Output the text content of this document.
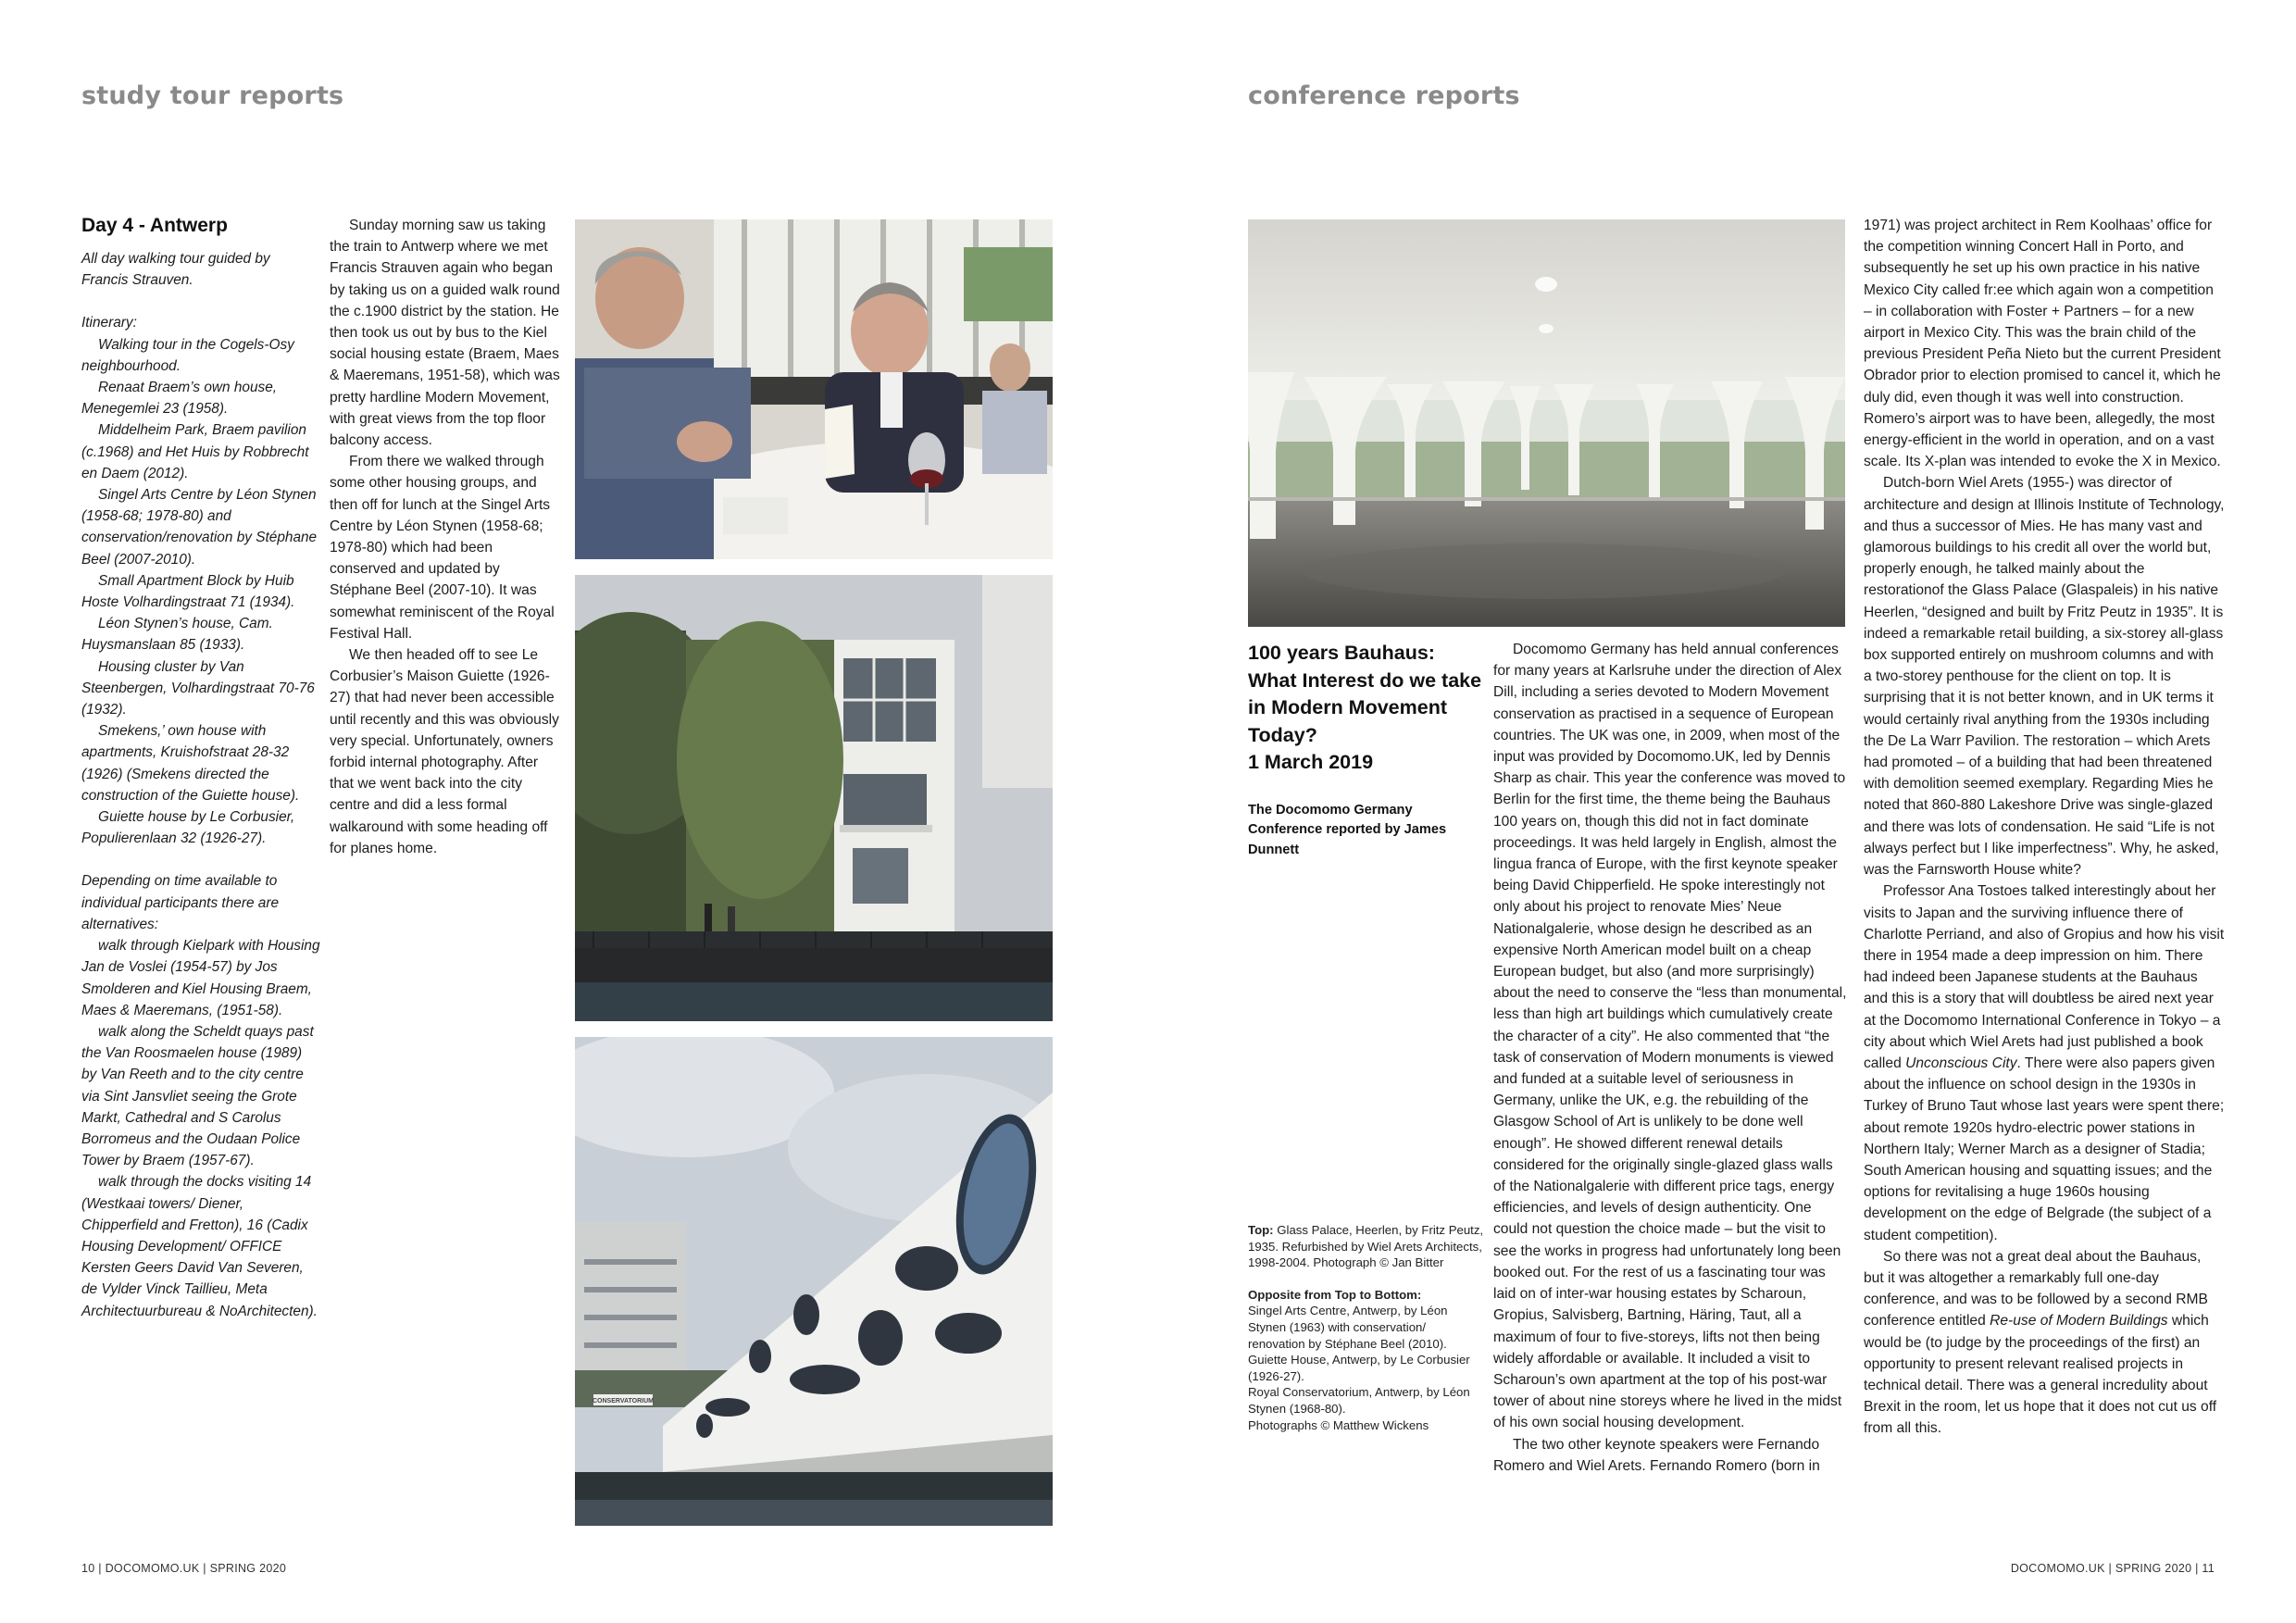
study tour reports
Day 4 - Antwerp

All day walking tour guided by Francis Strauven.

Itinerary:

Walking tour in the Cogels-Osy neighbourhood.

Renaat Braem’s own house, Menegemlei 23 (1958).

Middelheim Park, Braem pavilion (c.1968) and Het Huis by Robbrecht en Daem (2012).

Singel Arts Centre by Léon Stynen (1958-68; 1978-80) and conservation/renovation by Stéphane Beel (2007-2010).

Small Apartment Block by Huib Hoste Volhardingstraat 71 (1934).

Léon Stynen’s house, Cam. Huysmanslaan 85 (1933).

Housing cluster by Van Steenbergen, Volhardingstraat 70-76 (1932).

Smekens,’ own house with apartments, Kruishofstraat 28-32 (1926) (Smekens directed the construction of the Guiette house).

Guiette house by Le Corbusier, Populierenlaan 32 (1926-27).

Depending on time available to individual participants there are alternatives:

walk through Kielpark with Housing Jan de Voslei (1954-57) by Jos Smolderen and Kiel Housing Braem, Maes & Maeremans, (1951-58).

walk along the Scheldt quays past the Van Roosmaelen house (1989) by Van Reeth and to the city centre via Sint Jansvliet seeing the Grote Markt, Cathedral and S Carolus Borromeus and the Oudaan Police Tower by Braem (1957-67).

walk through the docks visiting 14 (Westkaai towers/ Diener, Chipperfield and Fretton), 16 (Cadix Housing Development/ OFFICE Kersten Geers David Van Severen, de Vylder Vinck Taillieu, Meta Architectuurbureau & NoArchitecten).

Sunday morning saw us taking the train to Antwerp where we met Francis Strauven again who began by taking us on a guided walk round the c.1900 district by the station. He then took us out by bus to the Kiel social housing estate (Braem, Maes & Maeremans, 1951-58), which was pretty hardline Modern Movement, with great views from the top floor balcony access.

From there we walked through some other housing groups, and then off for lunch at the Singel Arts Centre by Léon Stynen (1958-68; 1978-80) which had been conserved and updated by Stéphane Beel (2007-10). It was somewhat reminiscent of the Royal Festival Hall.

We then headed off to see Le Corbusier’s Maison Guiette (1926-27) that had never been accessible until recently and this was obviously very special. Unfortunately, owners forbid internal photography. After that we went back into the city centre and did a less formal walkaround with some heading off for planes home.

CONSERVATORIUM
10 | DOCOMOMO.UK | SPRING 2020
conference reports
100 years Bauhaus: What Interest do we take in Modern Movement Today?
1 March 2019
The Docomomo Germany Conference reported by James Dunnett

Top: Glass Palace, Heerlen, by Fritz Peutz, 1935. Refurbished by Wiel Arets Architects, 1998-2004. Photograph © Jan Bitter

Opposite from Top to Bottom:

Singel Arts Centre, Antwerp, by Léon Stynen (1963) with conservation/ renovation by Stéphane Beel (2010).

Guiette House, Antwerp, by Le Corbusier (1926-27).

Royal Conservatorium, Antwerp, by Léon Stynen (1968-80).

Photographs © Matthew Wickens

Docomomo Germany has held annual conferences for many years at Karlsruhe under the direction of Alex Dill, including a series devoted to Modern Movement conservation as practised in a sequence of European countries. The UK was one, in 2009, when most of the input was provided by Docomomo.UK, led by Dennis Sharp as chair. This year the conference was moved to Berlin for the first time, the theme being the Bauhaus 100 years on, though this did not in fact dominate proceedings. It was held largely in English, almost the lingua franca of Europe, with the first keynote speaker being David Chipperfield. He spoke interestingly not only about his project to renovate Mies’ Neue Nationalgalerie, whose design he described as an expensive North American model built on a cheap European budget, but also (and more surprisingly) about the need to conserve the “less than monumental, less than high art buildings which cumulatively create the character of a city”. He also commented that “the task of conservation of Modern monuments is viewed and funded at a suitable level of seriousness in Germany, unlike the UK, e.g. the rebuilding of the Glasgow School of Art is unlikely to be done well enough”. He showed different renewal details considered for the originally single-glazed glass walls of the Nationalgalerie with different price tags, energy efficiencies, and levels of design authenticity. One could not question the choice made – but the visit to see the works in progress had unfortunately long been booked out. For the rest of us a fascinating tour was laid on of inter-war housing estates by Scharoun, Gropius, Salvisberg, Bartning, Häring, Taut, all a maximum of four to five-storeys, lifts not then being widely affordable or available. It included a visit to Scharoun’s own apartment at the top of his post-war tower of about nine storeys where he lived in the midst of his own social housing development.

The two other keynote speakers were Fernando Romero and Wiel Arets. Fernando Romero (born in

1971) was project architect in Rem Koolhaas’ office for the competition winning Concert Hall in Porto, and subsequently he set up his own practice in his native Mexico City called fr:ee which again won a competition – in collaboration with Foster + Partners – for a new airport in Mexico City. This was the brain child of the previous President Peña Nieto but the current President Obrador prior to election promised to cancel it, which he duly did, even though it was well into construction. Romero’s airport was to have been, allegedly, the most energy-efficient in the world in operation, and on a vast scale. Its X-plan was intended to evoke the X in Mexico.

Dutch-born Wiel Arets (1955-) was director of architecture and design at Illinois Institute of Technology, and thus a successor of Mies. He has many vast and glamorous buildings to his credit all over the world but, properly enough, he talked mainly about the restorationof the Glass Palace (Glaspaleis) in his native Heerlen, “designed and built by Fritz Peutz in 1935”. It is indeed a remarkable retail building, a six-storey all-glass box supported entirely on mushroom columns and with a two-storey penthouse for the client on top. It is surprising that it is not better known, and in UK terms it would certainly rival anything from the 1930s including the De La Warr Pavilion. The restoration – which Arets had promoted – of a building that had been threatened with demolition seemed exemplary. Regarding Mies he noted that 860-880 Lakeshore Drive was single-glazed and there was lots of condensation. He said “Life is not always perfect but I like imperfectness”. Why, he asked, was the Farnsworth House white?

Professor Ana Tostoes talked interestingly about her visits to Japan and the surviving influence there of Charlotte Perriand, and also of Gropius and how his visit there in 1954 made a deep impression on him. There had indeed been Japanese students at the Bauhaus and this is a story that will doubtless be aired next year at the Docomomo International Conference in Tokyo – a city about which Wiel Arets had just published a book called Unconscious City. There were also papers given about the influence on school design in the 1930s in Turkey of Bruno Taut whose last years were spent there; about remote 1920s hydro-electric power stations in Northern Italy; Werner March as a designer of Stadia; South American housing and squatting issues; and the options for revitalising a huge 1960s housing development on the edge of Belgrade (the subject of a student competition).

So there was not a great deal about the Bauhaus, but it was altogether a remarkably full one-day conference, and was to be followed by a second RMB conference entitled Re-use of Modern Buildings which would be (to judge by the proceedings of the first) an opportunity to present relevant realised projects in technical detail. There was a general incredulity about Brexit in the room, let us hope that it does not cut us off from all this.

DOCOMOMO.UK | SPRING 2020 | 11
